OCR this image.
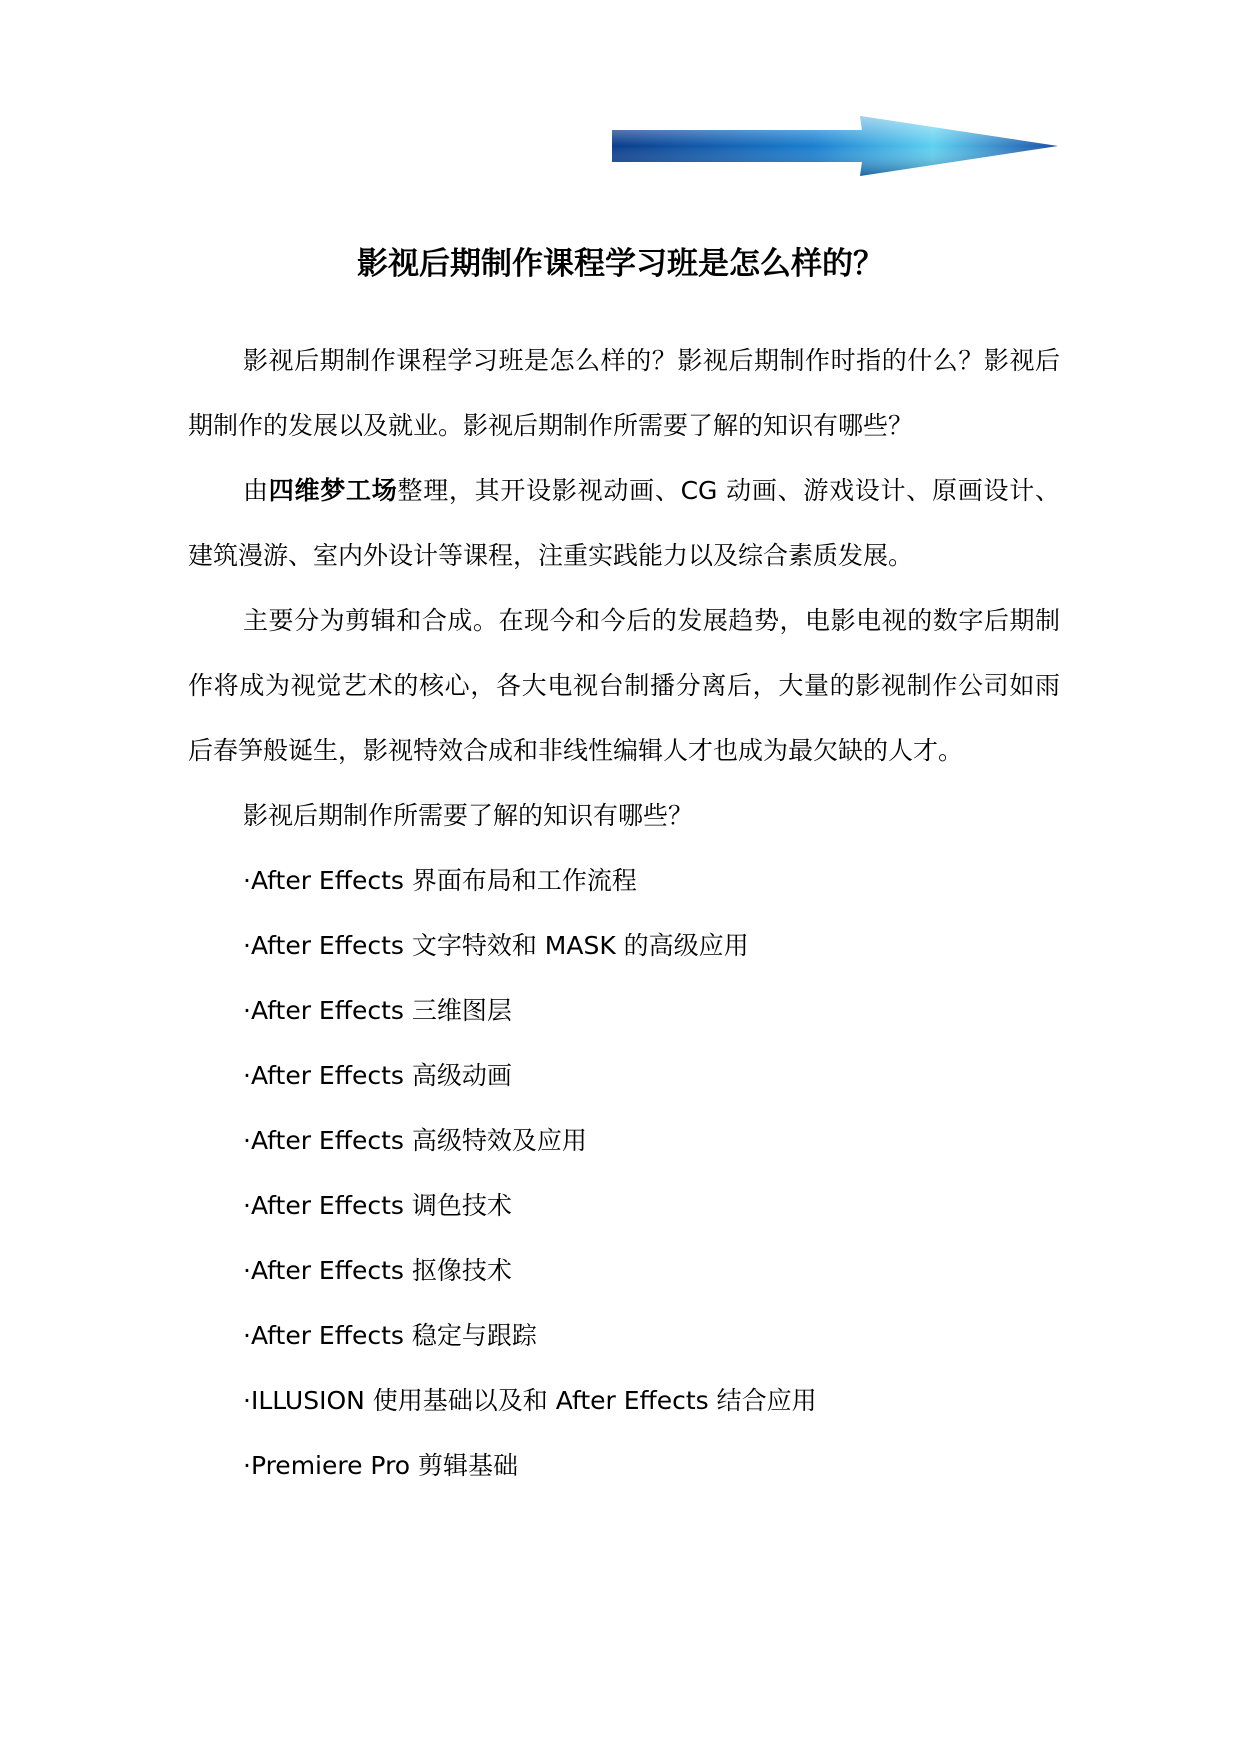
影视后期制作课程学习班是怎么样的？

影视后期制作课程学习班是怎么样的？影视后期制作时指的什么？影视后期制作的发展以及就业。影视后期制作所需要了解的知识有哪些？

由四维梦工场整理，其开设影视动画、CG 动画、游戏设计、原画设计、建筑漫游、室内外设计等课程，注重实践能力以及综合素质发展。

主要分为剪辑和合成。在现今和今后的发展趋势，电影电视的数字后期制作将成为视觉艺术的核心，各大电视台制播分离后，大量的影视制作公司如雨后春笋般诞生，影视特效合成和非线性编辑人才也成为最欠缺的人才。

影视后期制作所需要了解的知识有哪些？

·After Effects 界面布局和工作流程

·After Effects 文字特效和 MASK 的高级应用

·After Effects 三维图层

·After Effects 高级动画

·After Effects 高级特效及应用

·After Effects 调色技术

·After Effects 抠像技术

·After Effects 稳定与跟踪

·ILLUSION 使用基础以及和 After Effects 结合应用

·Premiere Pro 剪辑基础
